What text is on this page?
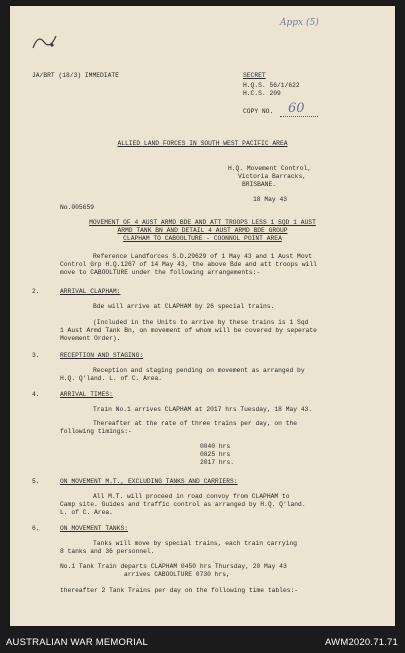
Appx (5)
JA/BRT (18/3) IMMEDIATE	SECRET
H.Q.S. 56/1/622
H.C.S. 209
COPY NO. 60
ALLIED LAND FORCES IN SOUTH WEST PACIFIC AREA
H.Q. Movement Control,
Victoria Barracks,
BRISBANE.
18 May 43
No.005659
MOVEMENT OF 4 AUST ARMD BDE AND ATT TROOPS LESS 1 SQD 1 AUST
ARMD TANK BN AND DETAIL 4 AUST ARMD BDE GROUP
CLAPHAM TO CABOOLTURE - COONNOL POINT AREA
Reference Landforces S.D.29629 of 1 May 43 and 1 Aust Movt
Control Grp H.Q.1267 of 14 May 43, the above Bde and att troops will
move to CABOOLTURE under the following arrangements:-
2.	ARRIVAL CLAPHAM:
Bde will arrive at CLAPHAM by 26 special trains.
(Included in the Units to arrive by these trains is 1 Sqd
1 Aust Armd Tank Bn, on movement of whom will be covered by seperate
Movement Order).
3.	RECEPTION AND STAGING:
Reception and staging pending on movement as arranged by
H.Q. Q'land. L. of C. Area.
4.	ARRIVAL TIMES:
Train No.1 arrives CLAPHAM at 2017 hrs Tuesday, 18 May 43.
Thereafter at the rate of three trains per day, on the
following timings:-
0040 hrs
0825 hrs
2017 hrs.
5.	ON MOVEMENT M.T., EXCLUDING TANKS AND CARRIERS:
All M.T. will proceed in road convoy from CLAPHAM to
Camp site. Guides and traffic control as arranged by H.Q. Q'land.
L. of C. Area.
6.	ON MOVEMENT TANKS:
Tanks will move by special trains, each train carrying
8 tanks and 36 personnel.
No.1 Tank Train departs CLAPHAM 0450 hrs Thursday, 20 May 43
arrives CABOOLTURE 0730 hrs,
thereafter 2 Tank Trains per day on the following time tables:-
AUSTRALIAN WAR MEMORIAL	AWM2020.71.71
